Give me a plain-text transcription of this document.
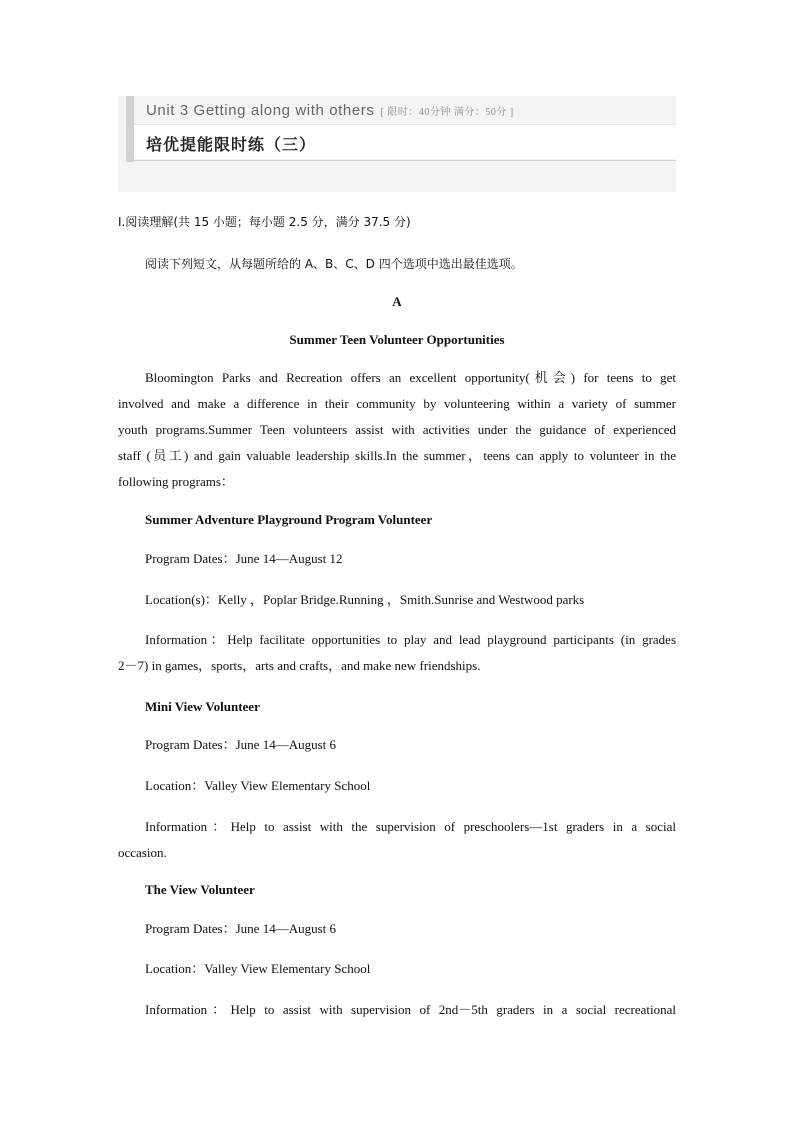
Unit 3 Getting along with others [ 限时：40分钟 满分：50分 ]
培优提能限时练（三）
Ⅰ.阅读理解(共 15 小题；每小题 2.5 分，满分 37.5 分)
阅读下列短文，从每题所给的 A、B、C、D 四个选项中选出最佳选项。
A
Summer Teen Volunteer Opportunities
Bloomington Parks and Recreation offers an excellent opportunity(机会) for teens to get
involved and make a difference in their community by volunteering within a variety of summer
youth programs.Summer Teen volunteers assist with activities under the guidance of experienced
staff (员工) and gain valuable leadership skills.In the summer，teens can apply to volunteer in the
following programs：
Summer Adventure Playground Program Volunteer
Program Dates：June 14—August 12
Location(s)：Kelly ，Poplar Bridge.Running ，Smith.Sunrise and Westwood parks
Information：Help facilitate opportunities to play and lead playground participants (in grades
2－7) in games，sports，arts and crafts，and make new friendships.
Mini View Volunteer
Program Dates：June 14—August 6
Location：Valley View Elementary School
Information：Help to assist with the supervision of preschoolers—1st graders in a social
occasion.
The View Volunteer
Program Dates：June 14—August 6
Location：Valley View Elementary School
Information：Help to assist with supervision of 2nd－5th graders in a social recreational
